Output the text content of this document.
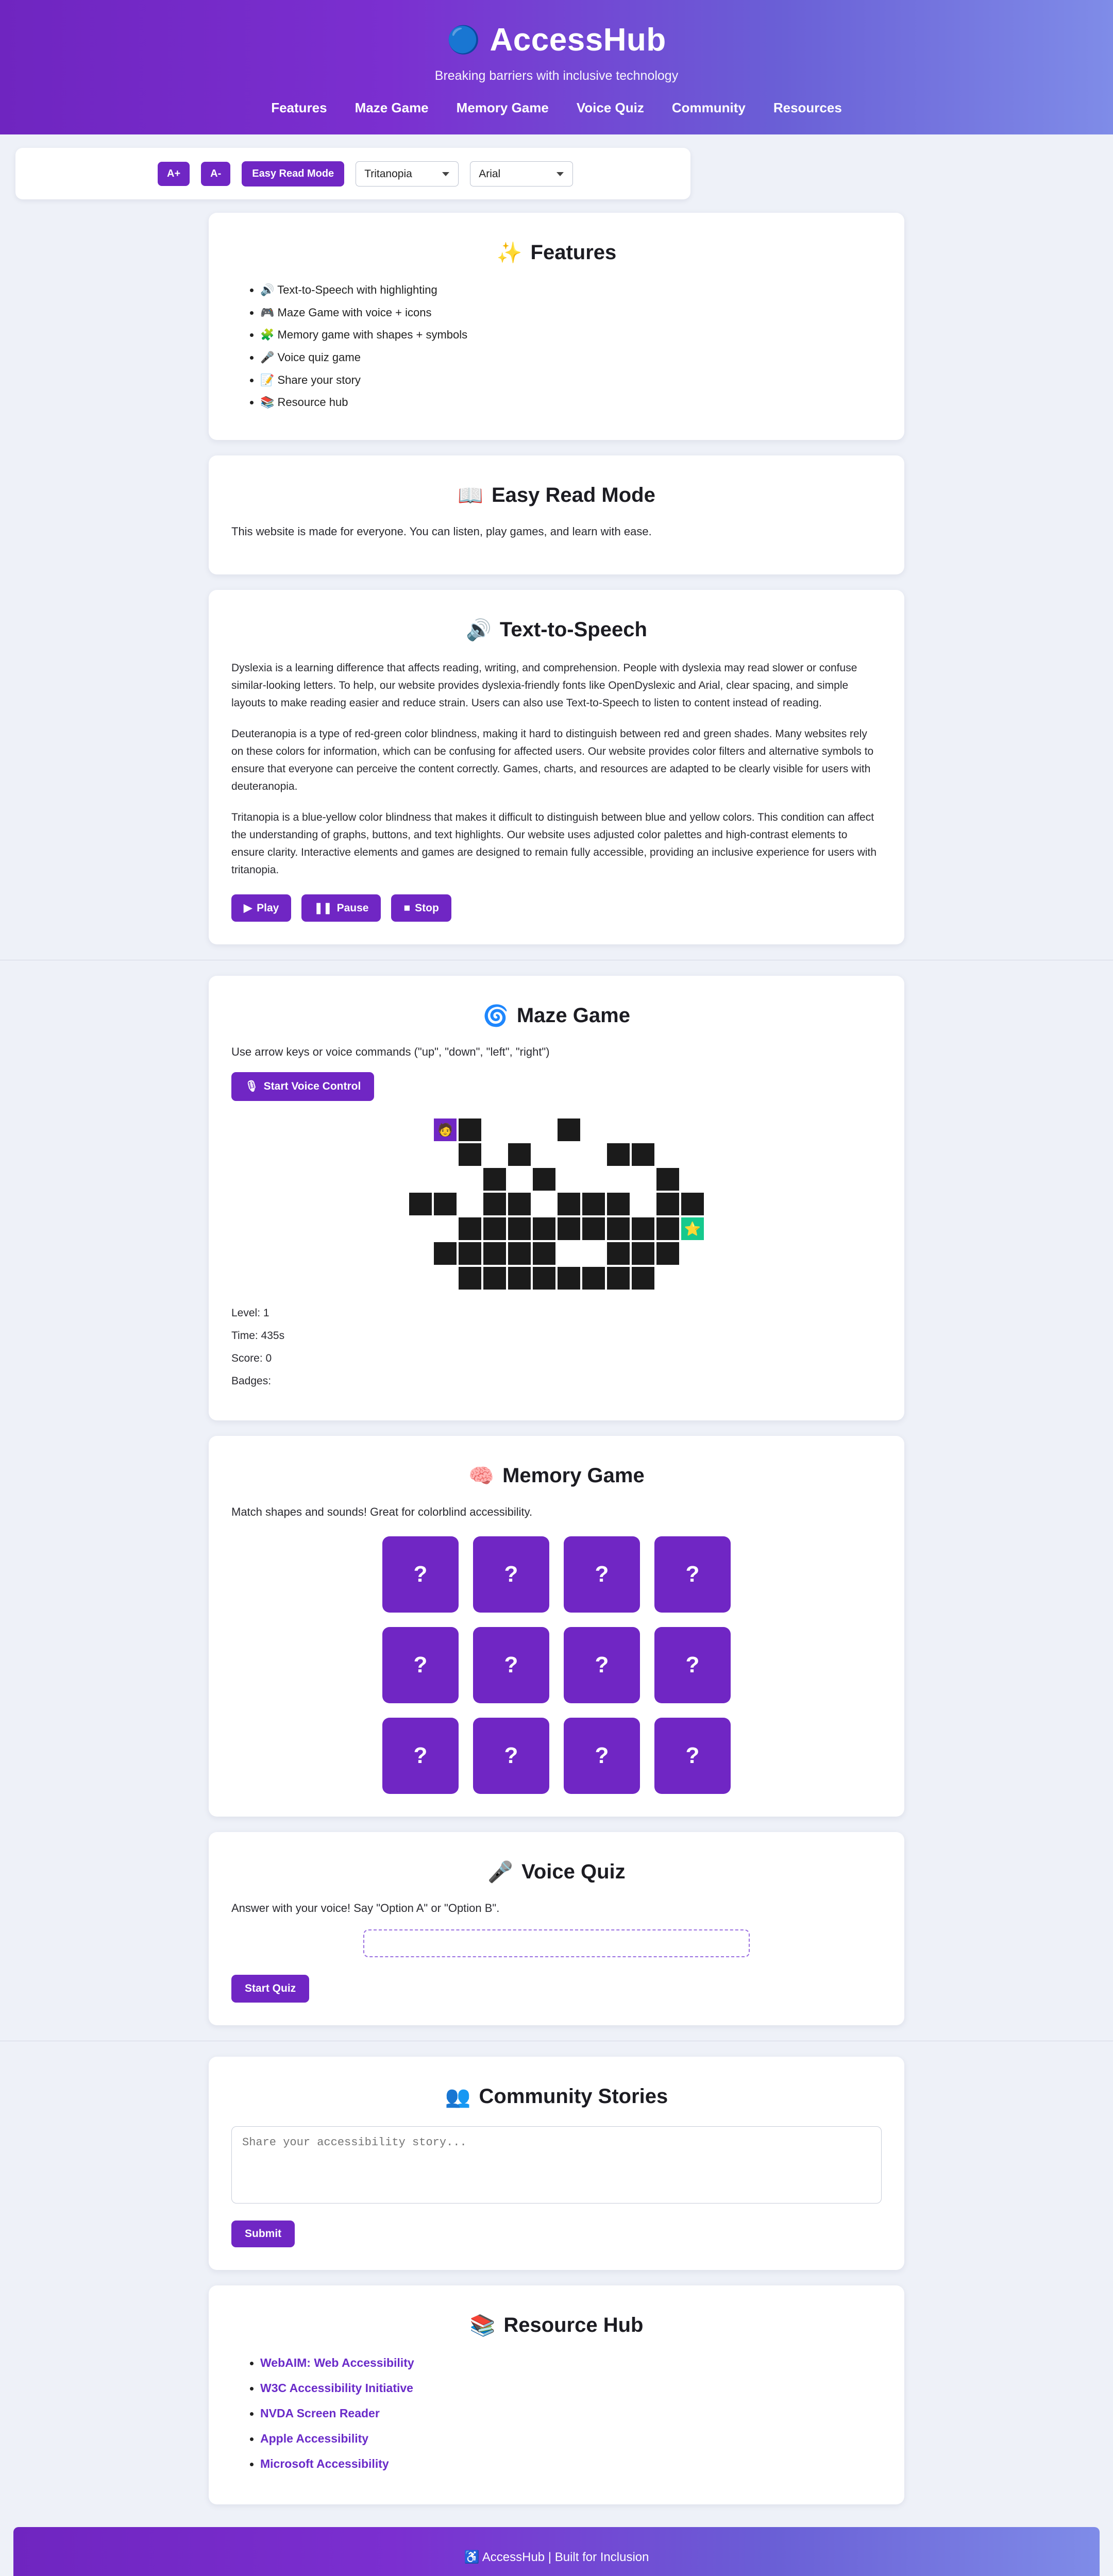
🔵 AccessHub
Breaking barriers with inclusive technology
Features Maze Game Memory Game Voice Quiz Community Resources
A+	A-	Easy Read Mode
Tritanopia
Arial
✨ Features
• 🔊 Text-to-Speech with highlighting
• 🎮 Maze Game with voice + icons
• 🧩 Memory game with shapes + symbols
• 🎤 Voice quiz game
• 📝 Share your story
• 📚 Resource hub
📖 Easy Read Mode

This website is made for everyone. You can listen, play games, and learn with ease.

🔊 Text-to-Speech

Dyslexia is a learning difference that affects reading, writing, and comprehension. People with dyslexia may read slower or confuse similar-looking letters. To help, our website provides dyslexia-friendly fonts like OpenDyslexic and Arial, clear spacing, and simple layouts to make reading easier and reduce strain. Users can also use Text-to-Speech to listen to content instead of reading.

Deuteranopia is a type of red-green color blindness, making it hard to distinguish between red and green shades. Many websites rely on these colors for information, which can be confusing for affected users. Our website provides color filters and alternative symbols to ensure that everyone can perceive the content correctly. Games, charts, and resources are adapted to be clearly visible for users with deuteranopia.

Tritanopia is a blue-yellow color blindness that makes it difficult to distinguish between blue and yellow colors. This condition can affect the understanding of graphs, buttons, and text highlights. Our website uses adjusted color palettes and high-contrast elements to ensure clarity. Interactive elements and games are designed to remain fully accessible, providing an inclusive experience for users with tritanopia.

▶ Play	❚❚ Pause	■ Stop
🌀 Maze Game

Use arrow keys or voice commands ("up", "down", "left", "right")

🎙 Start Voice Control
🧑
⭐

Level: 1

Time: 435s

Score: 0

Badges:

🧠 Memory Game

Match shapes and sounds! Great for colorblind accessibility.

?	?	?	?
?	?	?	?
?	?	?	?
🎤 Voice Quiz

Answer with your voice! Say "Option A" or "Option B".

Start Quiz
👥 Community Stories
Share your accessibility story...
Submit
📚 Resource Hub
• WebAIM: Web Accessibility
• W3C Accessibility Initiative
• NVDA Screen Reader
• Apple Accessibility
• Microsoft Accessibility
♿ AccessHub | Built for Inclusion
